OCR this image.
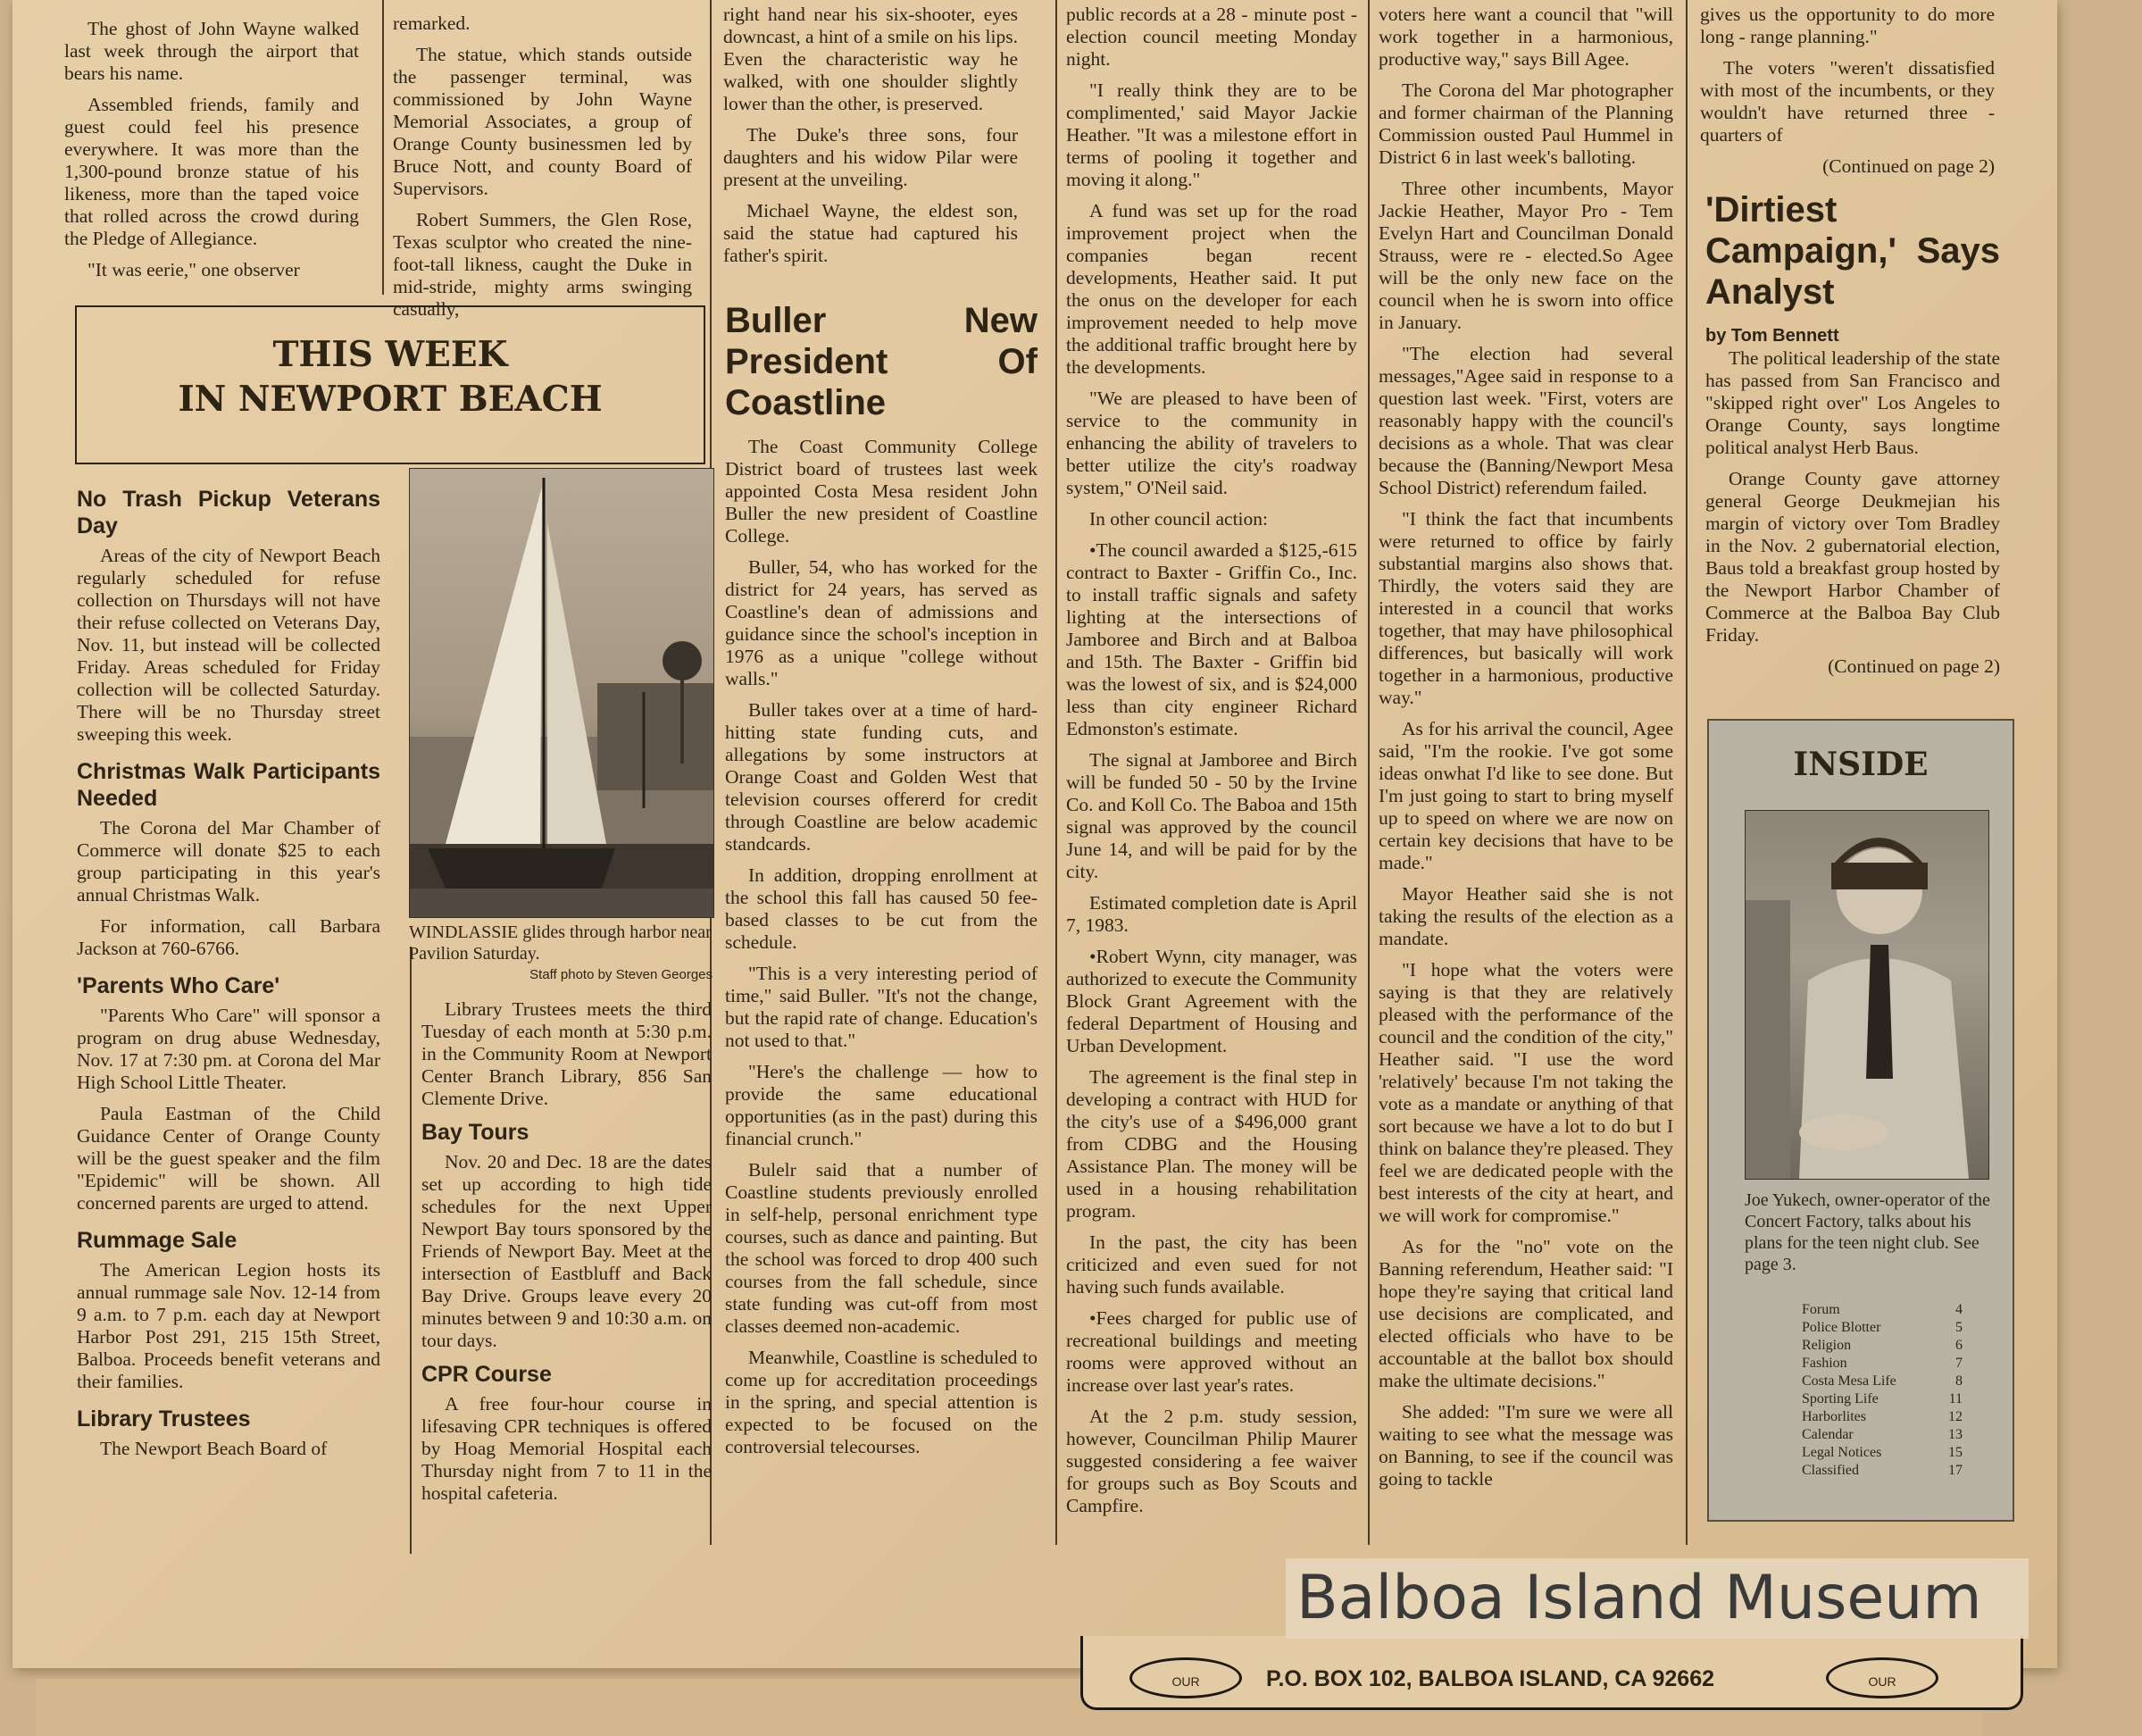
The ghost of John Wayne walked last week through the airport that bears his name.

Assembled friends, family and guest could feel his presence everywhere. It was more than the 1,300-pound bronze statue of his likeness, more than the taped voice that rolled across the crowd during the Pledge of Allegiance.

"It was eerie," one observer

remarked.

The statue, which stands outside the passenger terminal, was commissioned by John Wayne Memorial Associates, a group of Orange County businessmen led by Bruce Nott, and county Board of Supervisors.

Robert Summers, the Glen Rose, Texas sculptor who created the nine-foot-tall likness, caught the Duke in mid-stride, mighty arms swinging casually,

right hand near his six-shooter, eyes downcast, a hint of a smile on his lips. Even the characteristic way he walked, with one shoulder slightly lower than the other, is preserved.

The Duke's three sons, four daughters and his widow Pilar were present at the unveiling.

Michael Wayne, the eldest son, said the statue had captured his father's spirit.

THIS WEEK
IN NEWPORT BEACH
No Trash Pickup Veterans Day

Areas of the city of Newport Beach regularly scheduled for refuse collection on Thursdays will not have their refuse collected on Veterans Day, Nov. 11, but instead will be collected Friday. Areas scheduled for Friday collection will be collected Saturday. There will be no Thursday street sweeping this week.

Christmas Walk Participants Needed

The Corona del Mar Chamber of Commerce will donate $25 to each group participating in this year's annual Christmas Walk.

For information, call Barbara Jackson at 760-6766.

'Parents Who Care'

"Parents Who Care" will sponsor a program on drug abuse Wednesday, Nov. 17 at 7:30 pm. at Corona del Mar High School Little Theater.

Paula Eastman of the Child Guidance Center of Orange County will be the guest speaker and the film "Epidemic" will be shown. All concerned parents are urged to attend.

Rummage Sale

The American Legion hosts its annual rummage sale Nov. 12-14 from 9 a.m. to 7 p.m. each day at Newport Harbor Post 291, 215 15th Street, Balboa. Proceeds benefit veterans and their families.

Library Trustees

The Newport Beach Board of

WINDLASSIE glides through harbor near Pavilion Saturday.
Staff photo by Steven Georges

Library Trustees meets the third Tuesday of each month at 5:30 p.m. in the Community Room at Newport Center Branch Library, 856 San Clemente Drive.

Bay Tours

Nov. 20 and Dec. 18 are the dates set up according to high tide schedules for the next Upper Newport Bay tours sponsored by the Friends of Newport Bay. Meet at the intersection of Eastbluff and Back Bay Drive. Groups leave every 20 minutes between 9 and 10:30 a.m. on tour days.

CPR Course

A free four-hour course in lifesaving CPR techniques is offered by Hoag Memorial Hospital each Thursday night from 7 to 11 in the hospital cafeteria.

Buller New President Of Coastline

The Coast Community College District board of trustees last week appointed Costa Mesa resident John Buller the new president of Coastline College.

Buller, 54, who has worked for the district for 24 years, has served as Coastline's dean of admissions and guidance since the school's inception in 1976 as a unique "college without walls."

Buller takes over at a time of hard-hitting state funding cuts, and allegations by some instructors at Orange Coast and Golden West that television courses offererd for credit through Coastline are below academic standcards.

In addition, dropping enrollment at the school this fall has caused 50 fee-based classes to be cut from the schedule.

"This is a very interesting period of time," said Buller. "It's not the change, but the rapid rate of change. Education's not used to that."

"Here's the challenge — how to provide the same educational opportunities (as in the past) during this financial crunch."

Bulelr said that a number of Coastline students previously enrolled in self-help, personal enrichment type courses, such as dance and painting. But the school was forced to drop 400 such courses from the fall schedule, since state funding was cut-off from most classes deemed non-academic.

Meanwhile, Coastline is scheduled to come up for accreditation proceedings in the spring, and special attention is expected to be focused on the controversial telecourses.

public records at a 28 - minute post - election council meeting Monday night.

"I really think they are to be complimented,' said Mayor Jackie Heather. "It was a milestone effort in terms of pooling it together and moving it along."

A fund was set up for the road improvement project when the companies began recent developments, Heather said. It put the onus on the developer for each improvement needed to help move the additional traffic brought here by the developments.

"We are pleased to have been of service to the community in enhancing the ability of travelers to better utilize the city's roadway system," O'Neil said.

In other council action:

•The council awarded a $125,-615 contract to Baxter - Griffin Co., Inc. to install traffic signals and safety lighting at the intersections of Jamboree and Birch and at Balboa and 15th. The Baxter - Griffin bid was the lowest of six, and is $24,000 less than city engineer Richard Edmonston's estimate.

The signal at Jamboree and Birch will be funded 50 - 50 by the Irvine Co. and Koll Co. The Baboa and 15th signal was approved by the council June 14, and will be paid for by the city.

Estimated completion date is April 7, 1983.

•Robert Wynn, city manager, was authorized to execute the Community Block Grant Agreement with the federal Department of Housing and Urban Development.

The agreement is the final step in developing a contract with HUD for the city's use of a $496,000 grant from CDBG and the Housing Assistance Plan. The money will be used in a housing rehabilitation program.

In the past, the city has been criticized and even sued for not having such funds available.

•Fees charged for public use of recreational buildings and meeting rooms were approved without an increase over last year's rates.

At the 2 p.m. study session, however, Councilman Philip Maurer suggested considering a fee waiver for groups such as Boy Scouts and Campfire.

voters here want a council that "will work together in a harmonious, productive way," says Bill Agee.

The Corona del Mar photographer and former chairman of the Planning Commission ousted Paul Hummel in District 6 in last week's balloting.

Three other incumbents, Mayor Jackie Heather, Mayor Pro - Tem Evelyn Hart and Councilman Donald Strauss, were re - elected.So Agee will be the only new face on the council when he is sworn into office in January.

"The election had several messages,"Agee said in response to a question last week. "First, voters are reasonably happy with the council's decisions as a whole. That was clear because the (Banning/Newport Mesa School District) referendum failed.

"I think the fact that incumbents were returned to office by fairly substantial margins also shows that. Thirdly, the voters said they are interested in a council that works together, that may have philosophical differences, but basically will work together in a harmonious, productive way."

As for his arrival the council, Agee said, "I'm the rookie. I've got some ideas onwhat I'd like to see done. But I'm just going to start to bring myself up to speed on where we are now on certain key decisions that have to be made."

Mayor Heather said she is not taking the results of the election as a mandate.

"I hope what the voters were saying is that they are relatively pleased with the performance of the council and the condition of the city," Heather said. "I use the word 'relatively' because I'm not taking the vote as a mandate or anything of that sort because we have a lot to do but I think on balance they're pleased. They feel we are dedicated people with the best interests of the city at heart, and we will work for compromise."

As for the "no" vote on the Banning referendum, Heather said: "I hope they're saying that critical land use decisions are complicated, and elected officials who have to be accountable at the ballot box should make the ultimate decisions."

She added: "I'm sure we were all waiting to see what the message was on Banning, to see if the council was going to tackle

gives us the opportunity to do more long - range planning."

The voters "weren't dissatisfied with most of the incumbents, or they wouldn't have returned three - quarters of

(Continued on page 2)
'Dirtiest Campaign,' Says Analyst
by Tom Bennett

The political leadership of the state has passed from San Francisco and "skipped right over" Los Angeles to Orange County, says longtime political analyst Herb Baus.

Orange County gave attorney general George Deukmejian his margin of victory over Tom Bradley in the Nov. 2 gubernatorial election, Baus told a breakfast group hosted by the Newport Harbor Chamber of Commerce at the Balboa Bay Club Friday.

(Continued on page 2)
INSIDE
Joe Yukech, owner-operator of the Concert Factory, talks about his plans for the teen night club. See page 3.
Forum	4
Police Blotter	5
Religion	6
Fashion	7
Costa Mesa Life	8
Sporting Life	11
Harborlites	12
Calendar	13
Legal Notices	15
Classified	17
OUR	OUR
P.O. BOX 102, BALBOA ISLAND, CA 92662
Balboa Island Museum
